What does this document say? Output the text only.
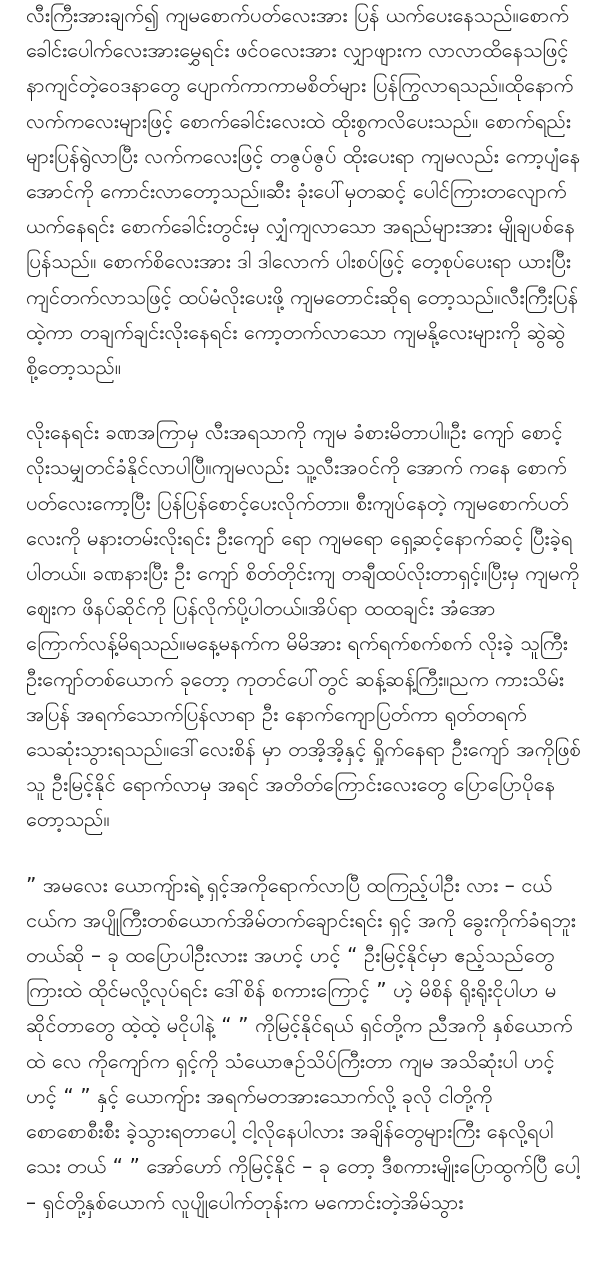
လီးကြီးအားချက်၍ ကျမစောက်ပတ်လေးအား ပြန် ယက်ပေးနေသည်။စောက်ခေါင်းပေါက်လေးအားမွှေရင်း ဖင်ဝလေးအား လျှာဖျားက လာလာထိနေသဖြင့် နာကျင်တဲ့ဝေဒနာတွေ ပျောက်ကာကာမစိတ်များ ပြန်ကြွလာရသည်။ထိုနောက် လက်ကလေးများဖြင့် စောက်ခေါင်းလေးထဲ ထိုးစွကလိပေးသည်။ စောက်ရည်းများပြန်ရွဲလာပြီး လက်ကလေးဖြင့် တဇွပ်ဇွပ် ထိုးပေးရာ ကျမလည်း ကော့ပျံနေအောင်ကို ကောင်းလာတော့သည်။ဆီး ခုံးပေါ်မှတဆင့် ပေါင်ကြားတလျောက် ယက်နေရင်း စောက်ခေါင်းတွင်းမှ လျှံကျလာသော အရည်များအား မျိုချပစ်နေပြန်သည်။ စောက်စိလေးအား ဒါ ဒါလောက် ပါးစပ်ဖြင့် တေ့စုပ်ပေးရာ ယားပြီးကျင်တက်လာသဖြင့် ထပ်မံလိုးပေးဖို့ ကျမတောင်းဆိုရ တော့သည်။လီးကြီးပြန်ထဲ့ကာ တချက်ချင်းလိုးနေရင်း ကော့တက်လာသော ကျမနို့လေးများကို ဆွဲဆွဲ စို့တော့သည်။

လိုးနေရင်း ခဏအကြာမှ လီးအရသာကို ကျမ ခံစားမိတာပါ။ဦး ကျော် စောင့်လိုးသမျှတင်ခံနိုင်လာပါပြီ။ကျမလည်း သူ့လီးအဝင်ကို အောက် ကနေ စောက်ပတ်လေးကော့ပြီး ပြန်ပြန်စောင့်ပေးလိုက်တာ။ စီးကျပ်နေတဲ့ ကျမစောက်ပတ်လေးကို မနားတမ်းလိုးရင်း ဦးကျော် ရော ကျမရော ရှေ့ဆင့်နောက်ဆင့် ပြီးခဲ့ရပါတယ်။ ခဏနားပြီး ဦး ကျော် စိတ်တိုင်းကျ တချီထပ်လိုးတာရှင့်။ပြီးမှ ကျမကို ဈေးက ဖိနပ်ဆိုင်ကို ပြန်လိုက်ပို့ပါတယ်။အိပ်ရာ ထထချင်း အံအော ကြောက်လန့်မိရသည်။မနေ့မနက်က မိမိအား ရက်ရက်စက်စက် လိုးခဲ့ သူကြီး ဦးကျော်တစ်ယောက် ခုတော့ ကုတင်ပေါ်တွင် ဆန့်ဆန့်ကြီး။ညက ကားသိမ်းအပြန် အရက်သောက်ပြန်လာရာ ဦး နောက်ကျောပြတ်ကာ ရုတ်တရက် သေဆုံးသွားရသည်။ဒေါ်လေးစိန် မှာ တအိ့အိ့နှင့် ရှိုက်နေရာ ဦးကျော် အကိုဖြစ်သူ ဦးမြင့်နိုင် ရောက်လာမှ အရင် အတိတ်ကြောင်းလေးတွေ ပြောပြောပိုနေ တော့သည်။

” အမလေး ယောကျ်ား​ရဲ့ ရှင့်အကိုရောက်လာပြီ ထကြည့်ပါဦး လား – ငယ်ငယ်က အပျိုကြီးတစ်ယောက်အိမ်တက်ချောင်းရင်း ရှင့် အကို ခွေးကိုက်ခံရဘူးတယ်ဆို – ခု ထပြောပါဦးလားး အဟင့် ဟင့် “ ဦးမြင့်နိုင်မှာ ဧည့်သည်တွေကြားထဲ ထိုင်မလို့လုပ်ရင်း ဒေါ်စိန် စကားကြောင့် ” ဟဲ့ မိစိန် ရိုးရိုးငိုပါဟ မဆိုင်တာတွေ ထဲ့ထဲ့ မငိုပါနဲ့ “ ” ကိုမြင့်နိုင်ရယ် ရှင်တို့က ညီအကို နှစ်ယောက်ထဲ လေ ကိုကျော်က ရှင့်ကို သံယောဇဉ်သိပ်ကြီးတာ ကျမ အသိဆုံးပါ ဟင့်ဟင့် “ ” နှင့် ယောကျ်ား အရက်မတအားသောက်လို့ ခုလို ငါတို့ကို စောစောစီးစီး ခဲ့သွားရတာပေါ့ ငါ့လိုနေပါလား အချိန်တွေများကြီး နေလို့ရပါသေး တယ် “ ” အော်ဟော် ကိုမြင့်နိုင် – ခု တော့ ဒီစကားမျိုးပြောထွက်ပြီ ပေါ့ – ရှင်တို့နှစ်ယောက် လူပျိုပေါက်တုန်းက မကောင်းတဲ့အိမ်သွား
